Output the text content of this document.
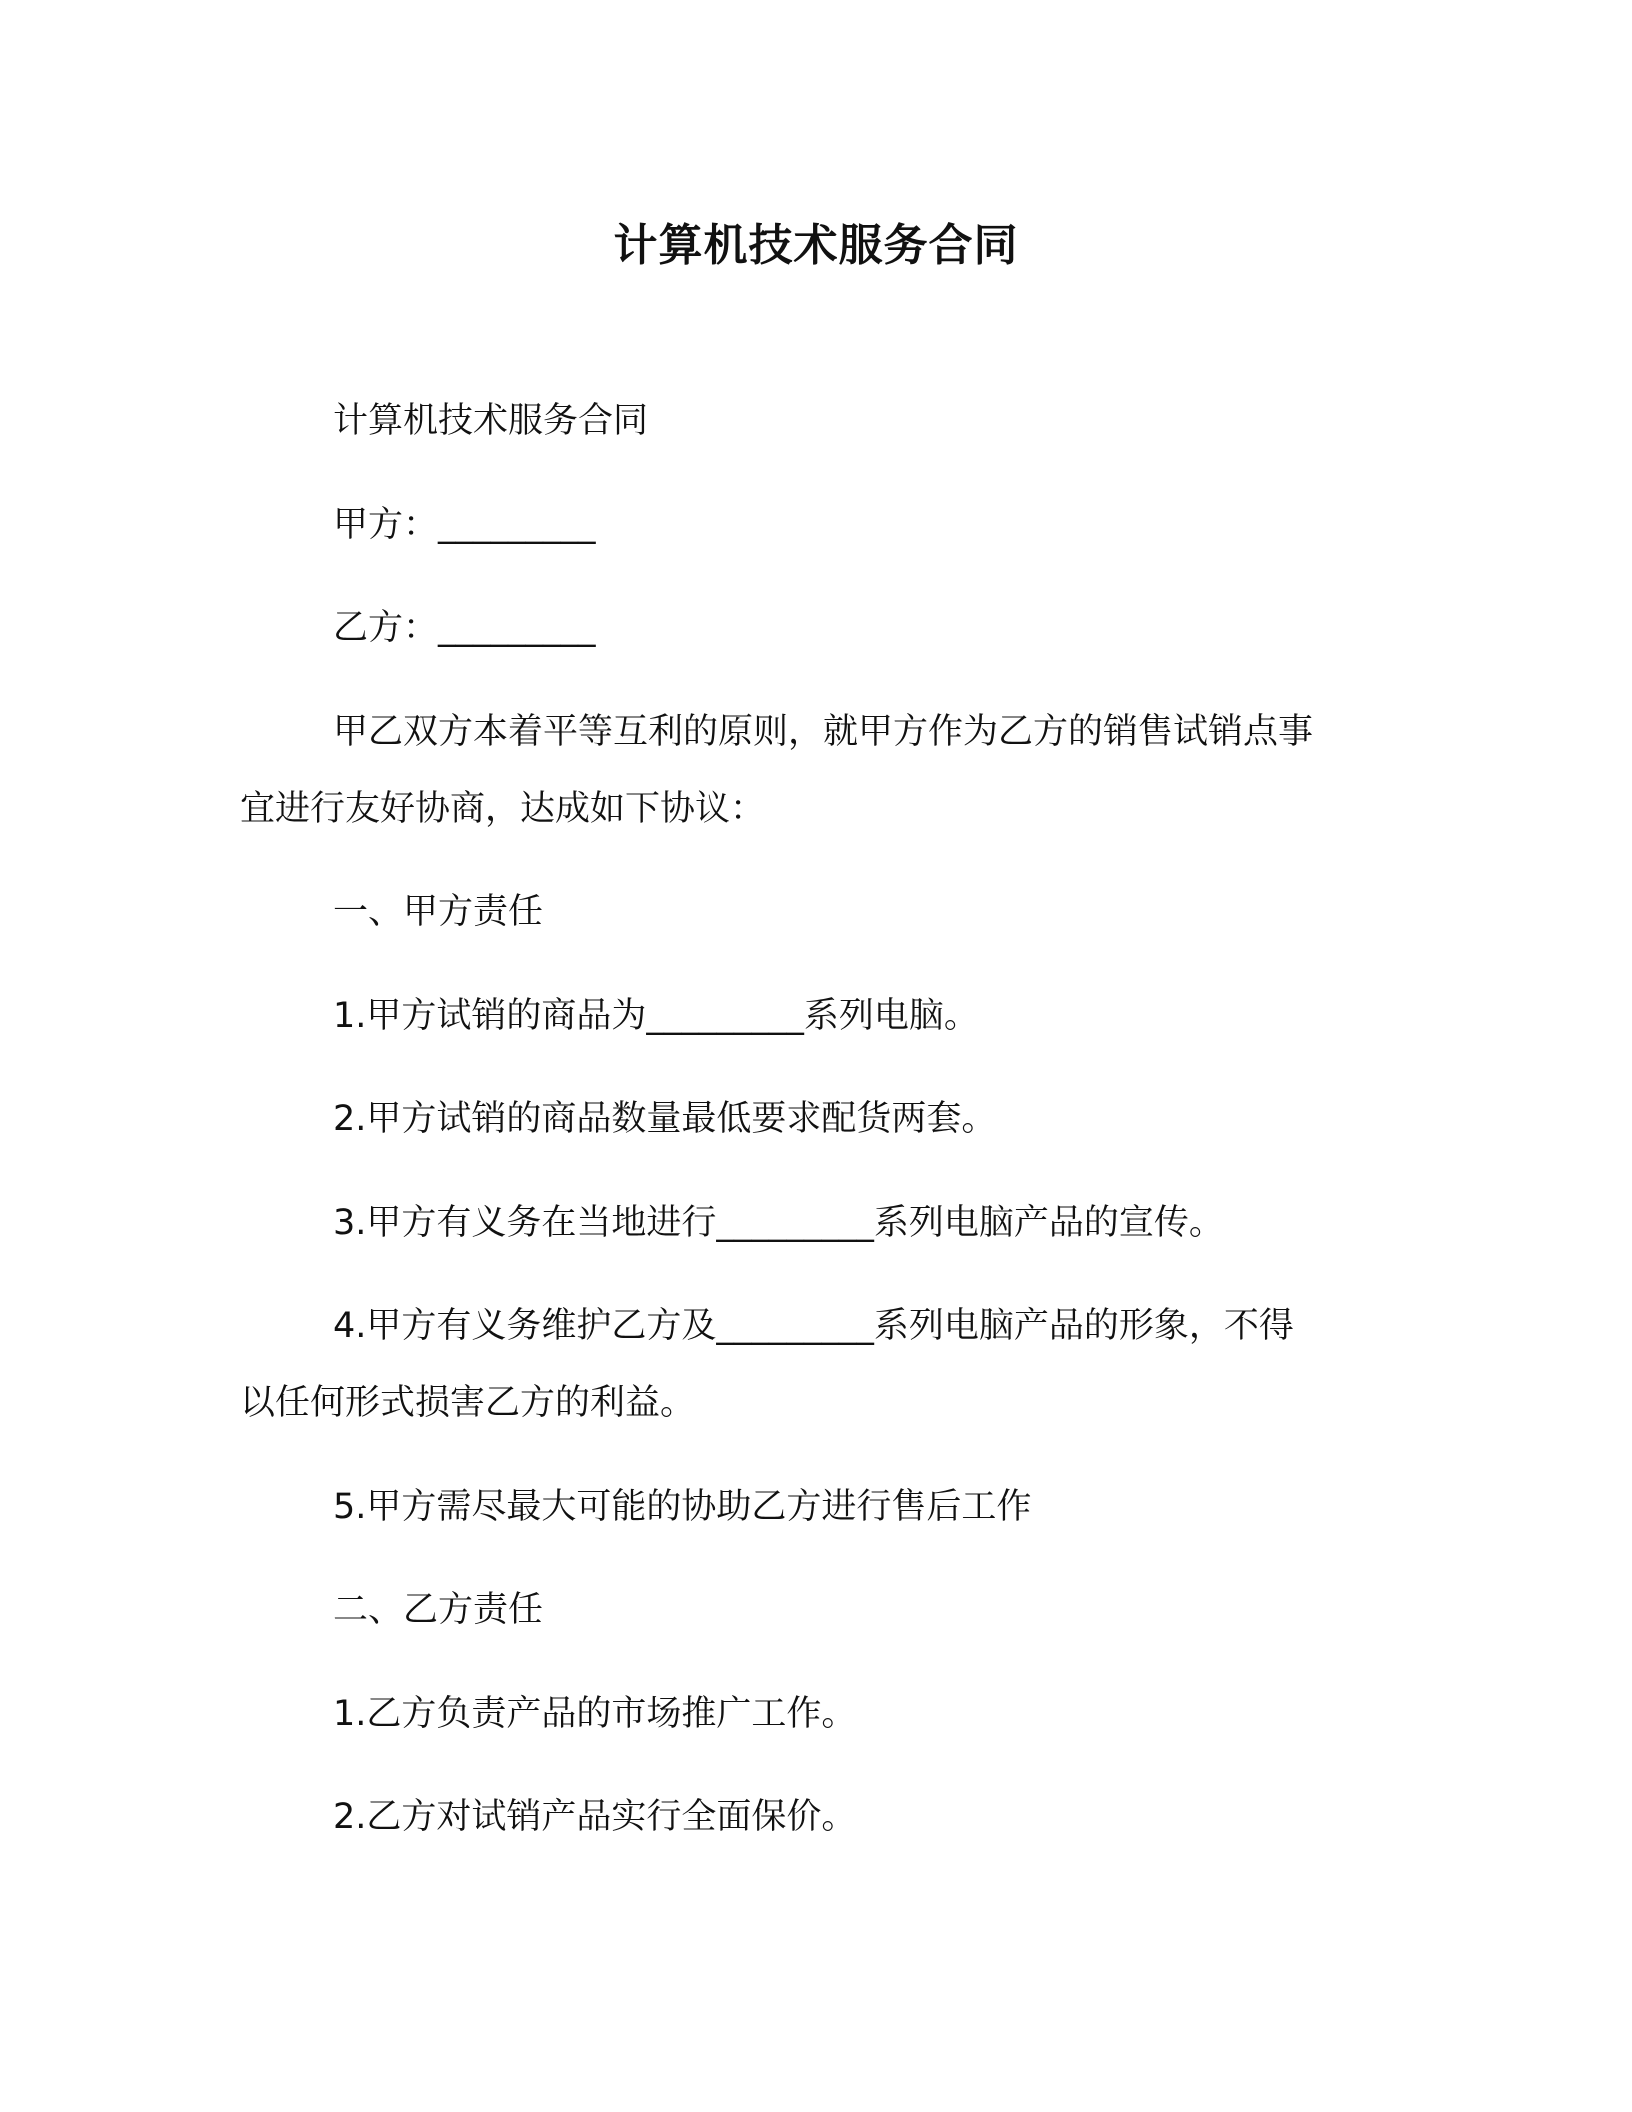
计算机技术服务合同
计算机技术服务合同
甲方：_________
乙方：_________
甲乙双方本着平等互利的原则，就甲方作为乙方的销售试销点事
宜进行友好协商，达成如下协议：
一、甲方责任
1.甲方试销的商品为_________系列电脑。
2.甲方试销的商品数量最低要求配货两套。
3.甲方有义务在当地进行_________系列电脑产品的宣传。
4.甲方有义务维护乙方及_________系列电脑产品的形象，不得
以任何形式损害乙方的利益。
5.甲方需尽最大可能的协助乙方进行售后工作
二、乙方责任
1.乙方负责产品的市场推广工作。
2.乙方对试销产品实行全面保价。
